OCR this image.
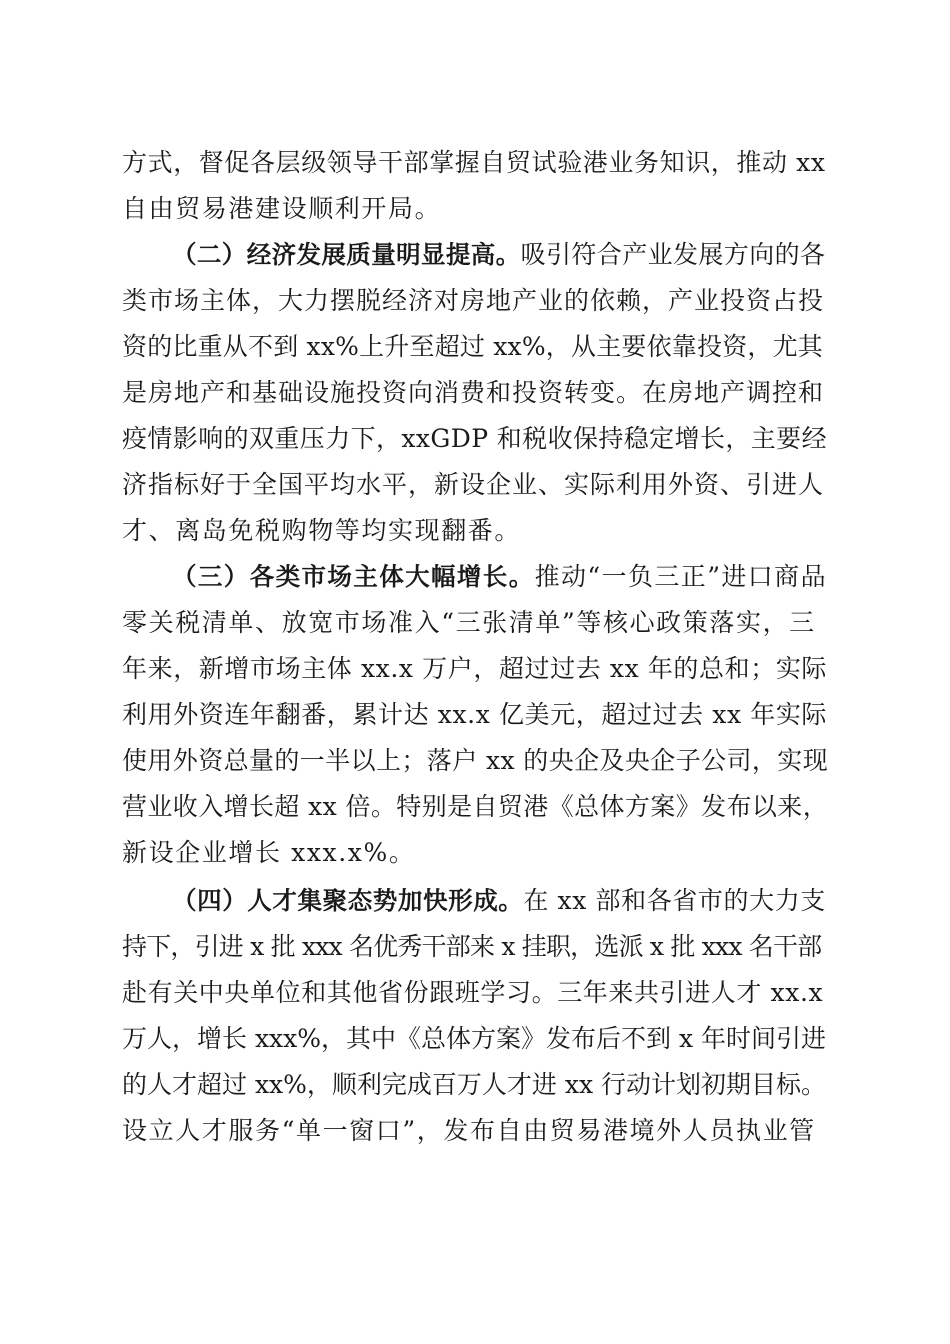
方式，督促各层级领导干部掌握自贸试验港业务知识，推动 xx
自由贸易港建设顺利开局。
（二）经济发展质量明显提高。吸引符合产业发展方向的各
类市场主体，大力摆脱经济对房地产业的依赖，产业投资占投
资的比重从不到 xx%上升至超过 xx%，从主要依靠投资，尤其
是房地产和基础设施投资向消费和投资转变。在房地产调控和
疫情影响的双重压力下，xxGDP 和税收保持稳定增长，主要经
济指标好于全国平均水平，新设企业、实际利用外资、引进人
才、离岛免税购物等均实现翻番。
（三）各类市场主体大幅增长。推动“一负三正”进口商品
零关税清单、放宽市场准入“三张清单”等核心政策落实，三
年来，新增市场主体 xx.x 万户，超过过去 xx 年的总和；实际
利用外资连年翻番，累计达 xx.x 亿美元，超过过去 xx 年实际
使用外资总量的一半以上；落户 xx 的央企及央企子公司，实现
营业收入增长超 xx 倍。特别是自贸港《总体方案》发布以来，
新设企业增长 xxx.x%。
（四）人才集聚态势加快形成。在 xx 部和各省市的大力支
持下，引进 x 批 xxx 名优秀干部来 x 挂职，选派 x 批 xxx 名干部
赴有关中央单位和其他省份跟班学习。三年来共引进人才 xx.x
万人，增长 xxx%，其中《总体方案》发布后不到 x 年时间引进
的人才超过 xx%，顺利完成百万人才进 xx 行动计划初期目标。
设立人才服务“单一窗口”，发布自由贸易港境外人员执业管
